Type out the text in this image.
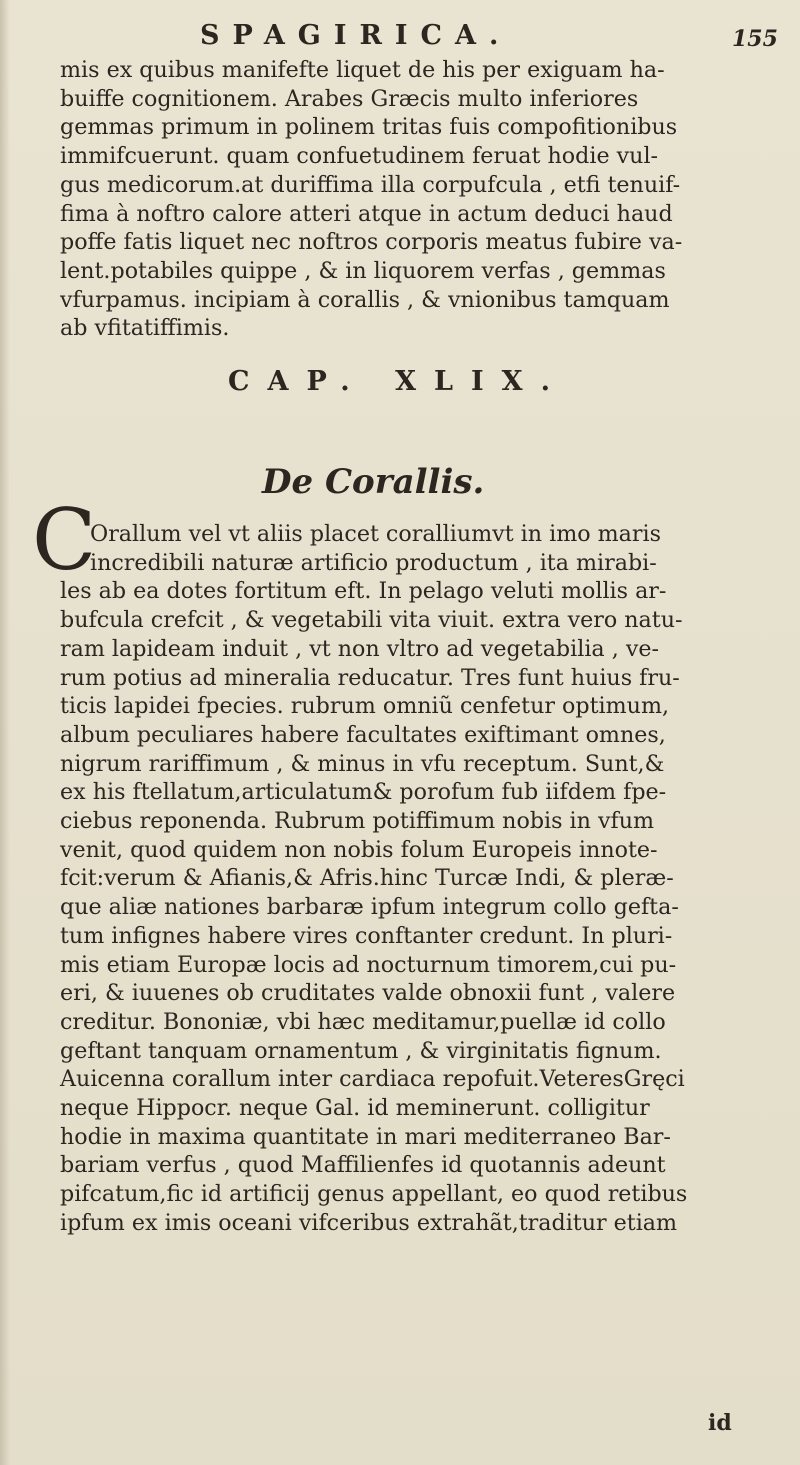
SPAGIRICA.	155
mis ex quibus manifefte liquet de his per exiguam ha-
buiffe cognitionem. Arabes Græcis multo inferiores
gemmas primum in polinem tritas fuis compofitionibus
immifcuerunt. quam confuetudinem feruat hodie vul-
gus medicorum.at duriffima illa corpufcula , etfi tenuif-
fima à noftro calore atteri atque in actum deduci haud
poffe fatis liquet nec noftros corporis meatus fubire va-
lent.potabiles quippe , & in liquorem verfas , gemmas
vfurpamus. incipiam à corallis , & vnionibus tamquam
ab vfitatiffimis.
CAP. XLIX.
De Corallis.
C
Orallum vel vt aliis placet coralliumvt in imo maris
incredibili naturæ artificio productum , ita mirabi-
les ab ea dotes fortitum eft. In pelago veluti mollis ar-
bufcula crefcit , & vegetabili vita viuit. extra vero natu-
ram lapideam induit , vt non vltro ad vegetabilia , ve-
rum potius ad mineralia reducatur. Tres funt huius fru-
ticis lapidei fpecies. rubrum omniũ cenfetur optimum,
album peculiares habere facultates exiftimant omnes,
nigrum rariffimum , & minus in vfu receptum. Sunt,&
ex his ftellatum,articulatum& porofum fub iifdem fpe-
ciebus reponenda. Rubrum potiffimum nobis in vfum
venit, quod quidem non nobis folum Europeis innote-
fcit:verum & Afianis,& Afris.hinc Turcæ Indi, & pleræ-
que aliæ nationes barbaræ ipfum integrum collo gefta-
tum infignes habere vires conftanter credunt. In pluri-
mis etiam Europæ locis ad nocturnum timorem,cui pu-
eri, & iuuenes ob cruditates valde obnoxii funt , valere
creditur. Bononiæ, vbi hæc meditamur,puellæ id collo
geftant tanquam ornamentum , & virginitatis fignum.
Auicenna corallum inter cardiaca repofuit.VeteresGręci
neque Hippocr. neque Gal. id meminerunt. colligitur
hodie in maxima quantitate in mari mediterraneo Bar-
bariam verfus , quod Maffilienfes id quotannis adeunt
pifcatum,fic id artificij genus appellant, eo quod retibus
ipfum ex imis oceani vifceribus extrahãt,traditur etiam
id
